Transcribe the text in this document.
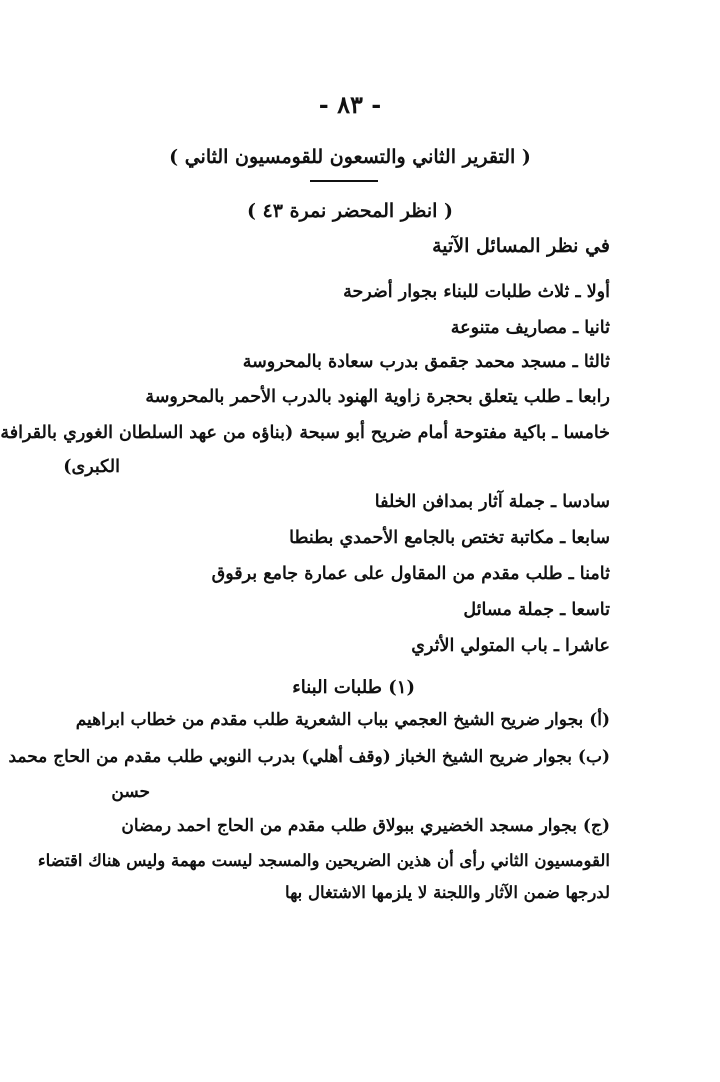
- ٨٣ -
( التقرير الثاني والتسعون للقومسيون الثاني )
( انظر المحضر نمرة ٤٣ )
في نظر المسائل الآتية
أولا ـ ثلاث طلبات للبناء بجوار أضرحة
ثانيا ـ مصاريف متنوعة
ثالثا ـ مسجد محمد جقمق بدرب سعادة بالمحروسة
رابعا ـ طلب يتعلق بحجرة زاوية الهنود بالدرب الأحمر بالمحروسة
خامسا ـ باكية مفتوحة أمام ضريح أبو سبحة (بناؤه من عهد السلطان الغوري بالقرافة
الكبرى)
سادسا ـ جملة آثار بمدافن الخلفا
سابعا ـ مكاتبة تختص بالجامع الأحمدي بطنطا
ثامنا ـ طلب مقدم من المقاول على عمارة جامع برقوق
تاسعا ـ جملة مسائل
عاشرا ـ باب المتولي الأثري
(١) طلبات البناء
(أ) بجوار ضريح الشيخ العجمي بباب الشعرية طلب مقدم من خطاب ابراهيم
(ب) بجوار ضريح الشيخ الخباز (وقف أهلي) بدرب النوبي طلب مقدم من الحاج محمد
حسن
(ج) بجوار مسجد الخضيري ببولاق طلب مقدم من الحاج احمد رمضان
القومسيون الثاني رأى أن هذين الضريحين والمسجد ليست مهمة وليس هناك اقتضاء
لدرجها ضمن الآثار واللجنة لا يلزمها الاشتغال بها
